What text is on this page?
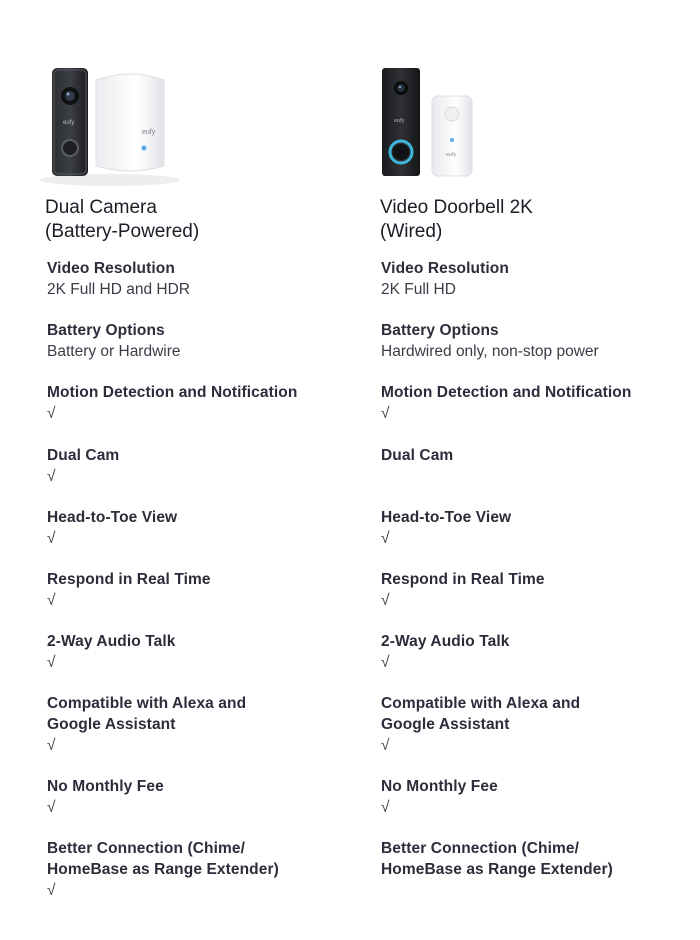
eufy
eufy
Dual Camera
(Battery-Powered)
Video Resolution
2K Full HD and HDR
Battery Options
Battery or Hardwire
Motion Detection and Notification
√
Dual Cam
√
Head-to-Toe View
√
Respond in Real Time
√
2-Way Audio Talk
√
Compatible with Alexa and
Google Assistant
√
No Monthly Fee
√
Better Connection (Chime/
HomeBase as Range Extender)
√
eufy
eufy
Video Doorbell 2K
(Wired)
Video Resolution
2K Full HD
Battery Options
Hardwired only, non-stop power
Motion Detection and Notification
√
Dual Cam
Head-to-Toe View
√
Respond in Real Time
√
2-Way Audio Talk
√
Compatible with Alexa and
Google Assistant
√
No Monthly Fee
√
Better Connection (Chime/
HomeBase as Range Extender)
